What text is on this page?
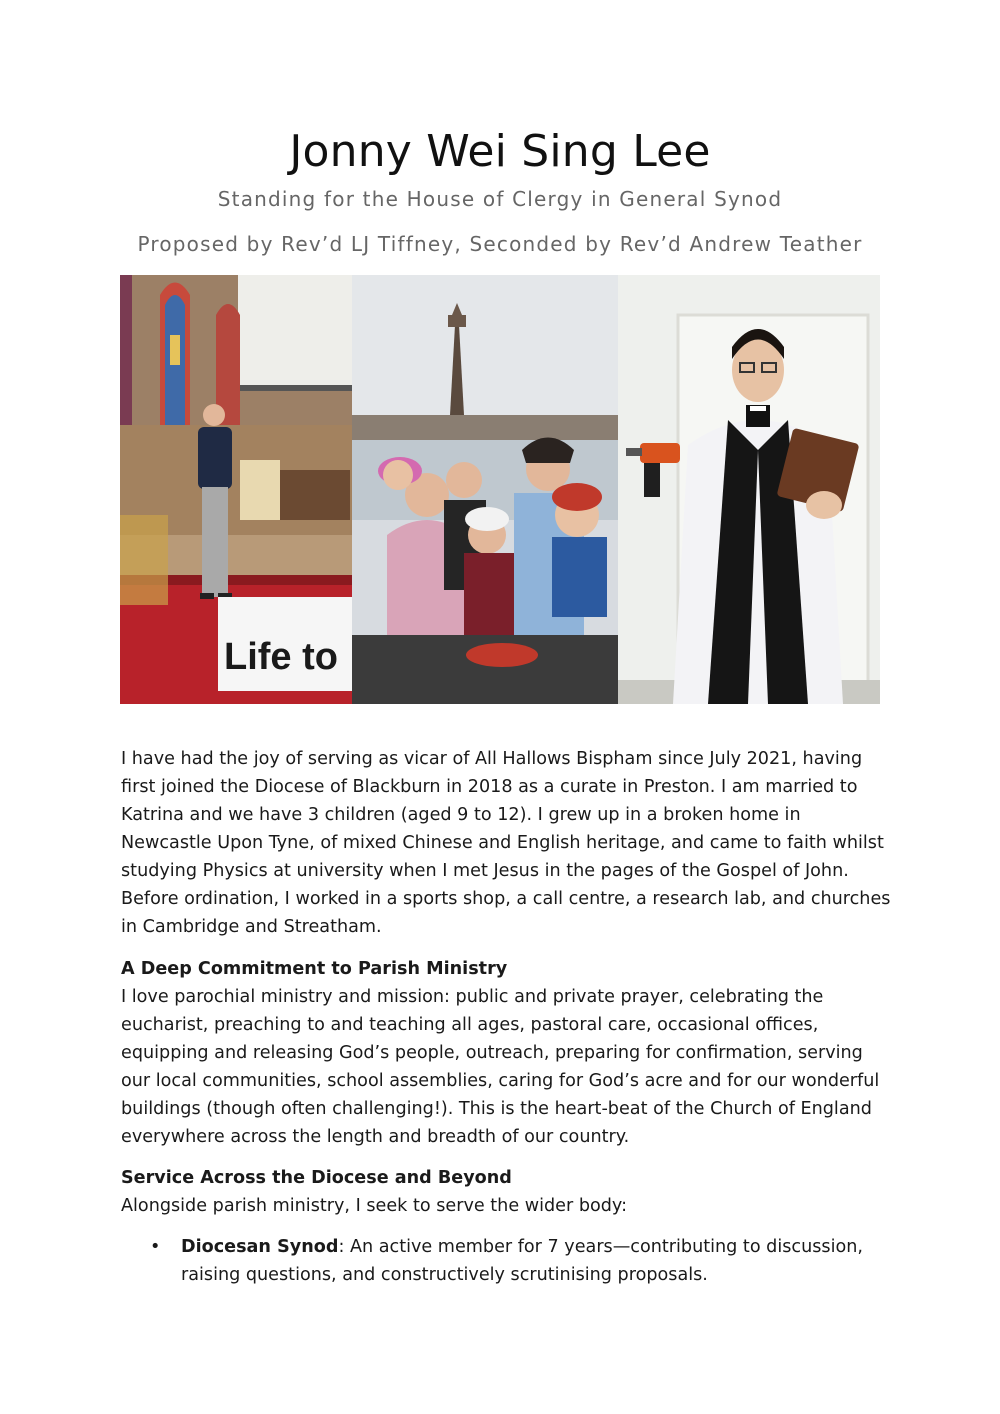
Jonny Wei Sing Lee
Standing for the House of Clergy in General Synod
Proposed by Rev’d LJ Tiffney, Seconded by Rev’d Andrew Teather
Life to
I have had the joy of serving as vicar of All Hallows Bispham since July 2021, having first joined the Diocese of Blackburn in 2018 as a curate in Preston. I am married to Katrina and we have 3 children (aged 9 to 12). I grew up in a broken home in Newcastle Upon Tyne, of mixed Chinese and English heritage, and came to faith whilst studying Physics at university when I met Jesus in the pages of the Gospel of John. Before ordination, I worked in a sports shop, a call centre, a research lab, and churches in Cambridge and Streatham.
A Deep Commitment to Parish Ministry
I love parochial ministry and mission: public and private prayer, celebrating the eucharist, preaching to and teaching all ages, pastoral care, occasional offices, equipping and releasing God’s people, outreach, preparing for confirmation, serving our local communities, school assemblies, caring for God’s acre and for our wonderful buildings (though often challenging!). This is the heart-beat of the Church of England everywhere across the length and breadth of our country.
Service Across the Diocese and Beyond
Alongside parish ministry, I seek to serve the wider body:
• Diocesan Synod: An active member for 7 years—contributing to discussion, raising questions, and constructively scrutinising proposals.
